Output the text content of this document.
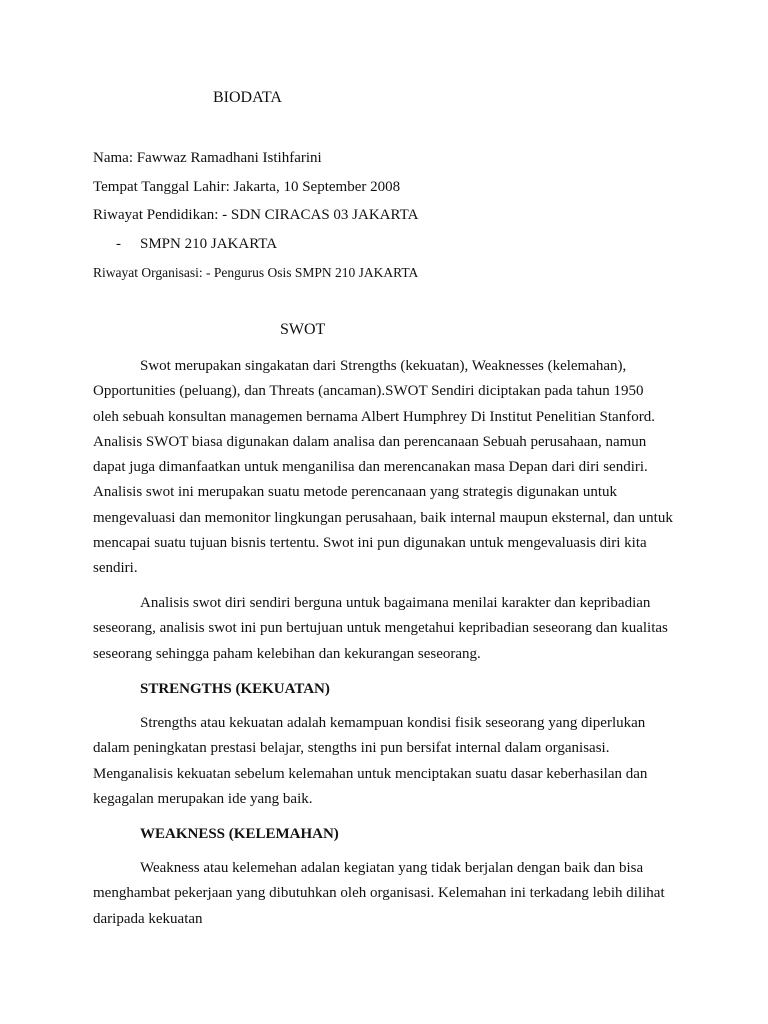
BIODATA
Nama: Fawwaz Ramadhani Istihfarini
Tempat Tanggal Lahir: Jakarta, 10 September 2008
Riwayat Pendidikan: - SDN CIRACAS 03 JAKARTA
- SMPN 210 JAKARTA
Riwayat Organisasi: - Pengurus Osis SMPN 210 JAKARTA
SWOT
Swot merupakan singakatan dari Strengths (kekuatan), Weaknesses (kelemahan), Opportunities (peluang), dan Threats (ancaman).SWOT Sendiri diciptakan pada tahun 1950 oleh sebuah konsultan managemen bernama Albert Humphrey Di Institut Penelitian Stanford. Analisis SWOT biasa digunakan dalam analisa dan perencanaan Sebuah perusahaan, namun dapat juga dimanfaatkan untuk menganilisa dan merencanakan masa Depan dari diri sendiri. Analisis swot ini merupakan suatu metode perencanaan yang strategis digunakan untuk mengevaluasi dan memonitor lingkungan perusahaan, baik internal maupun eksternal, dan untuk mencapai suatu tujuan bisnis tertentu. Swot ini pun digunakan untuk mengevaluasis diri kita sendiri.
Analisis swot diri sendiri berguna untuk bagaimana menilai karakter dan kepribadian seseorang, analisis swot ini pun bertujuan untuk mengetahui kepribadian seseorang dan kualitas seseorang sehingga paham kelebihan dan kekurangan seseorang.
STRENGTHS (KEKUATAN)
Strengths atau kekuatan adalah kemampuan kondisi fisik seseorang yang diperlukan dalam peningkatan prestasi belajar, stengths ini pun bersifat internal dalam organisasi. Menganalisis kekuatan sebelum kelemahan untuk menciptakan suatu dasar keberhasilan dan kegagalan merupakan ide yang baik.
WEAKNESS (KELEMAHAN)
Weakness atau kelemehan adalan kegiatan yang tidak berjalan dengan baik dan bisa menghambat pekerjaan yang dibutuhkan oleh organisasi. Kelemahan ini terkadang lebih dilihat daripada kekuatan
